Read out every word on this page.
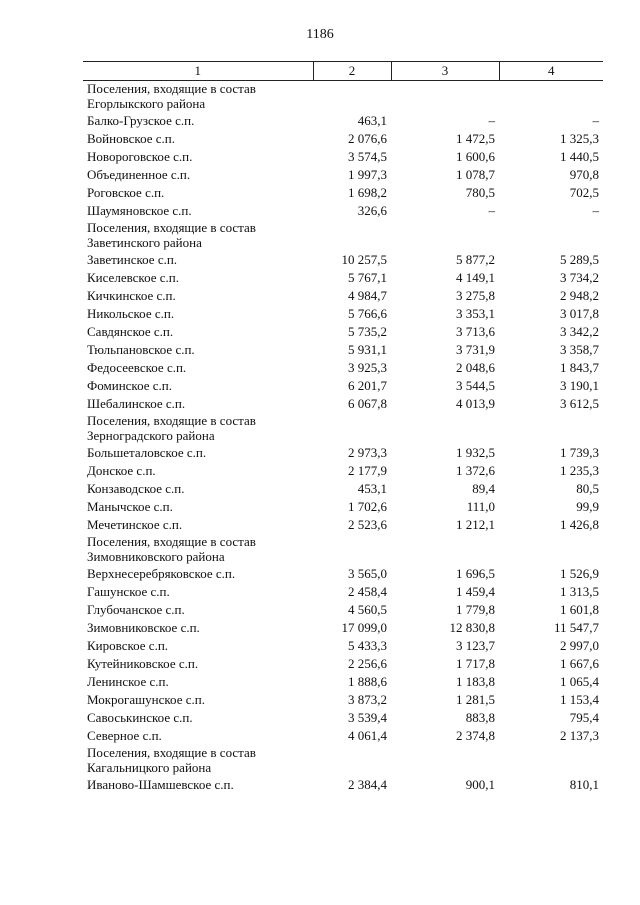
1186
1	2	3	4
Поселения, входящие в состав Егорлыкского района			
Балко-Грузское с.п.	463,1	–	–
Войновское с.п.	2 076,6	1 472,5	1 325,3
Новороговское с.п.	3 574,5	1 600,6	1 440,5
Объединенное с.п.	1 997,3	1 078,7	970,8
Роговское с.п.	1 698,2	780,5	702,5
Шаумяновское с.п.	326,6	–	–
Поселения, входящие в состав Заветинского района			
Заветинское с.п.	10 257,5	5 877,2	5 289,5
Киселевское с.п.	5 767,1	4 149,1	3 734,2
Кичкинское с.п.	4 984,7	3 275,8	2 948,2
Никольское с.п.	5 766,6	3 353,1	3 017,8
Савдянское с.п.	5 735,2	3 713,6	3 342,2
Тюльпановское с.п.	5 931,1	3 731,9	3 358,7
Федосеевское с.п.	3 925,3	2 048,6	1 843,7
Фоминское с.п.	6 201,7	3 544,5	3 190,1
Шебалинское с.п.	6 067,8	4 013,9	3 612,5
Поселения, входящие в состав Зерноградского района			
Большеталовское с.п.	2 973,3	1 932,5	1 739,3
Донское с.п.	2 177,9	1 372,6	1 235,3
Конзаводское с.п.	453,1	89,4	80,5
Манычское с.п.	1 702,6	111,0	99,9
Мечетинское с.п.	2 523,6	1 212,1	1 426,8
Поселения, входящие в состав Зимовниковского района			
Верхнесеребряковское с.п.	3 565,0	1 696,5	1 526,9
Гашунское с.п.	2 458,4	1 459,4	1 313,5
Глубочанское с.п.	4 560,5	1 779,8	1 601,8
Зимовниковское с.п.	17 099,0	12 830,8	11 547,7
Кировское с.п.	5 433,3	3 123,7	2 997,0
Кутейниковское с.п.	2 256,6	1 717,8	1 667,6
Ленинское с.п.	1 888,6	1 183,8	1 065,4
Мокрогашунское с.п.	3 873,2	1 281,5	1 153,4
Савоськинское с.п.	3 539,4	883,8	795,4
Северное с.п.	4 061,4	2 374,8	2 137,3
Поселения, входящие в состав Кагальницкого района			
Иваново-Шамшевское с.п.	2 384,4	900,1	810,1
